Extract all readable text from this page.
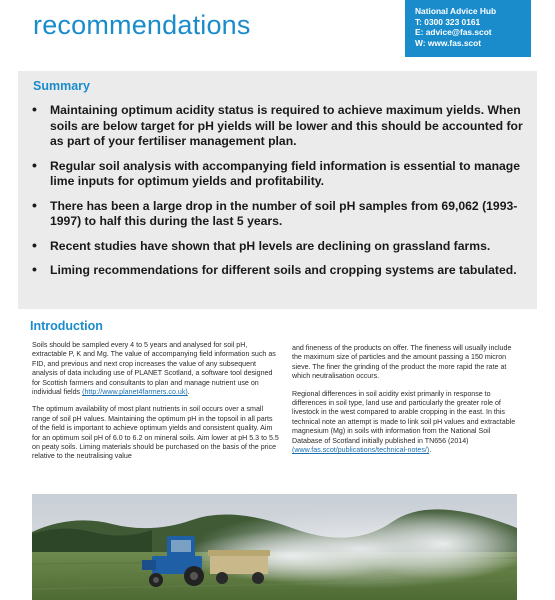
recommendations	National Advice Hub
T: 0300 323 0161
E: advice@fas.scot
W: www.fas.scot
Summary
• Maintaining optimum acidity status is required to achieve maximum yields. When soils are below target for pH yields will be lower and this should be accounted for as part of your fertiliser management plan.
• Regular soil analysis with accompanying field information is essential to manage lime inputs for optimum yields and profitability.
• There has been a large drop in the number of soil pH samples from 69,062 (1993-1997) to half this during the last 5 years.
• Recent studies have shown that pH levels are declining on grassland farms.
• Liming recommendations for different soils and cropping systems are tabulated.
Introduction

Soils should be sampled every 4 to 5 years and analysed for soil pH, extractable P, K and Mg. The value of accompanying field information such as FID, and previous and next crop increases the value of any subsequent analysis of data including use of PLANET Scotland, a software tool designed for Scottish farmers and consultants to plan and manage nutrient use on individual fields (http://www.planet4farmers.co.uk).

The optimum availability of most plant nutrients in soil occurs over a small range of soil pH values. Maintaining the optimum pH in the topsoil in all parts of the field is important to achieve optimum yields and consistent quality. Aim for an optimum soil pH of 6.0 to 6.2 on mineral soils. Aim lower at pH 5.3 to 5.5 on peaty soils. Liming materials should be purchased on the basis of the price relative to the neutralising value

and fineness of the products on offer. The fineness will usually include the maximum size of particles and the amount passing a 150 micron sieve. The finer the grinding of the product the more rapid the rate at which neutralisation occurs.

Regional differences in soil acidity exist primarily in response to differences in soil type, land use and particularly the greater role of livestock in the west compared to arable cropping in the east. In this technical note an attempt is made to link soil pH values and extractable magnesium (Mg) in soils with information from the National Soil Database of Scotland initially published in TN656 (2014) (www.fas.scot/publications/technical-notes/).
